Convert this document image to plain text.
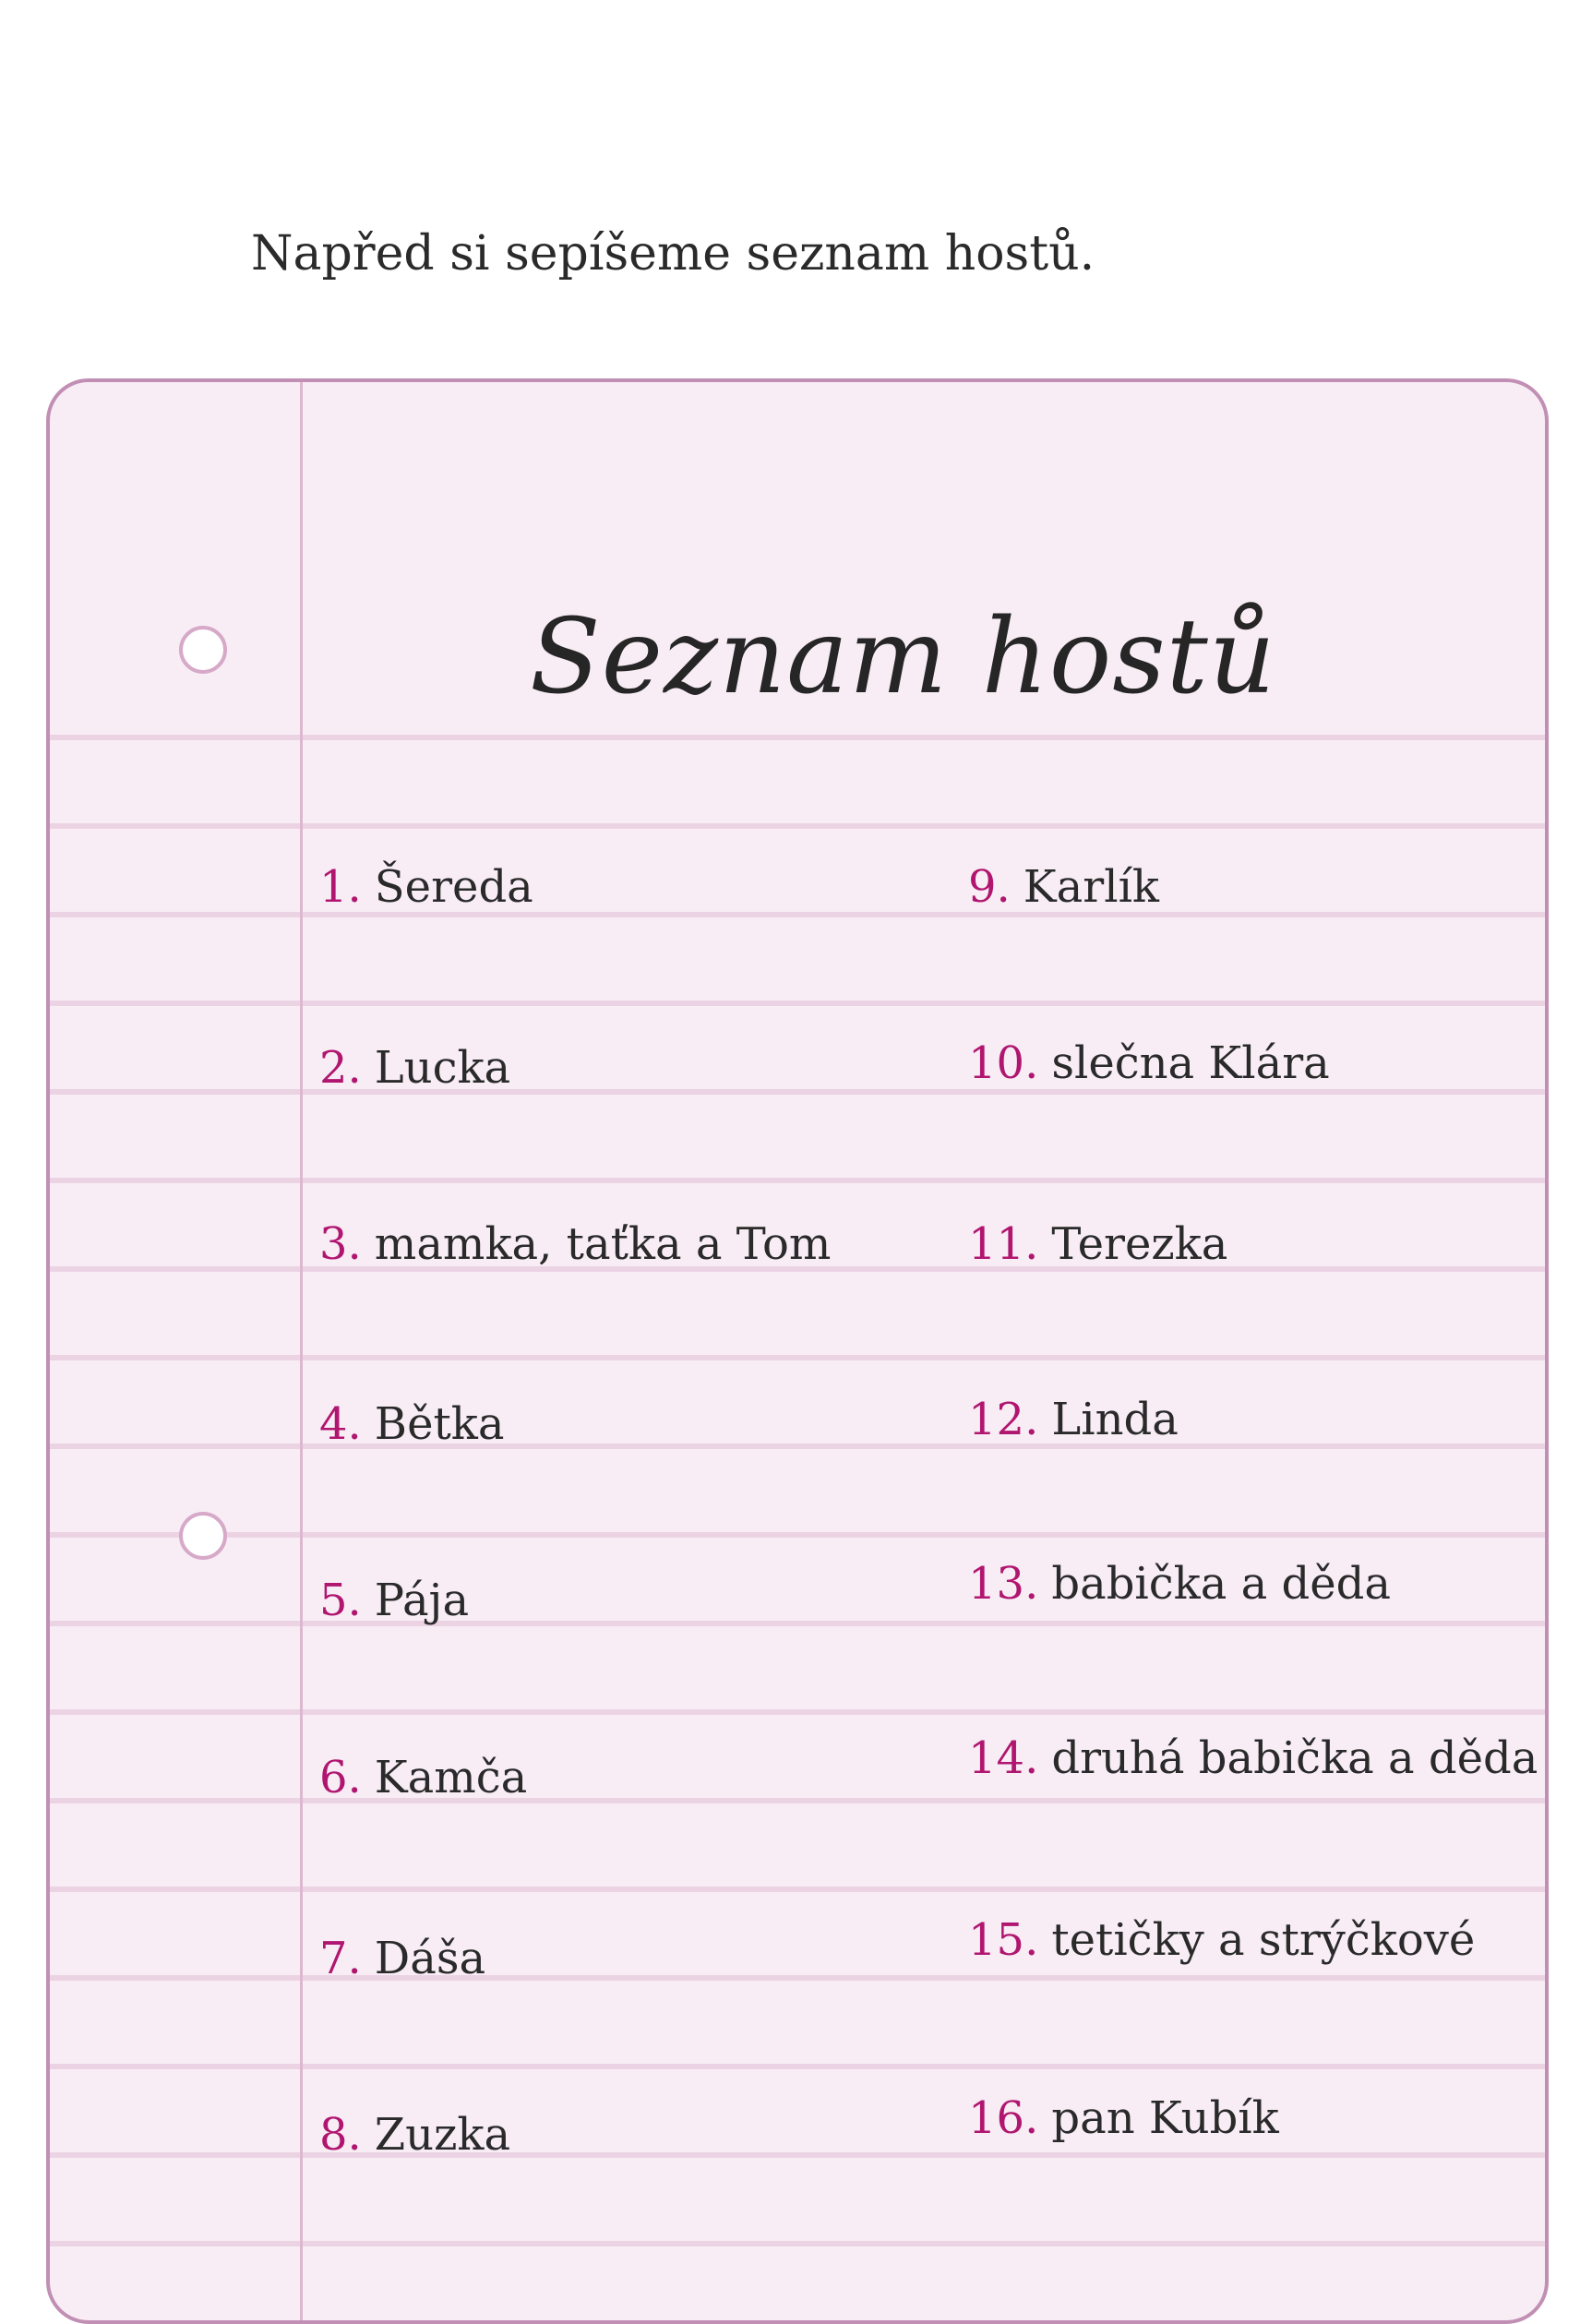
Napřed si sepíšeme seznam hostů.

Seznam hostů
1. Šereda
2. Lucka
3. mamka, taťka a Tom
4. Bětka
5. Pája
6. Kamča
7. Dáša
8. Zuzka
9. Karlík
10. slečna Klára
11. Terezka
12. Linda
13. babička a děda
14. druhá babička a děda
15. tetičky a strýčkové
16. pan Kubík
